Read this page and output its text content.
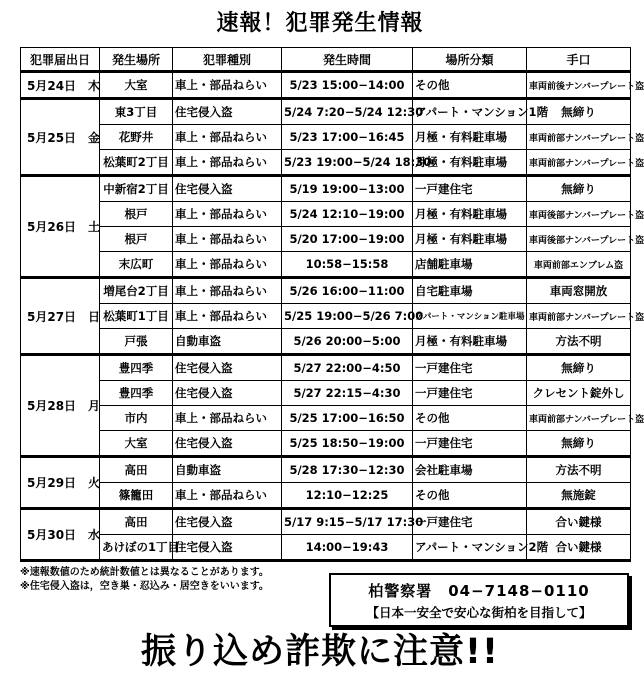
速報！犯罪発生情報
犯罪届出日	発生場所	犯罪種別	発生時間	場所分類	手口
5月24日　木	大室	車上・部品ねらい	5/23 15:00−14:00	その他	車両前後ナンバープレート盗
5月25日　金	東3丁目	住宅侵入盗	5/24 7:20−5/24 12:30	アパート・マンション1階	無締り
	花野井	車上・部品ねらい	5/23 17:00−16:45	月極・有料駐車場	車両前部ナンバープレート盗
	松葉町2丁目	車上・部品ねらい	5/23 19:00−5/24 18:30	月極・有料駐車場	車両前部ナンバープレート盗
5月26日　土	中新宿2丁目	住宅侵入盗	5/19 19:00−13:00	一戸建住宅	無締り
	根戸	車上・部品ねらい	5/24 12:10−19:00	月極・有料駐車場	車両後部ナンバープレート盗
	根戸	車上・部品ねらい	5/20 17:00−19:00	月極・有料駐車場	車両後部ナンバープレート盗
	末広町	車上・部品ねらい	10:58−15:58	店舗駐車場	車両前部エンブレム盗
5月27日　日	増尾台2丁目	車上・部品ねらい	5/26 16:00−11:00	自宅駐車場	車両窓開放
	松葉町1丁目	車上・部品ねらい	5/25 19:00−5/26 7:00	アパート・マンション駐車場	車両前部ナンバープレート盗
	戸張	自動車盗	5/26 20:00−5:00	月極・有料駐車場	方法不明
5月28日　月	豊四季	住宅侵入盗	5/27 22:00−4:50	一戸建住宅	無締り
	豊四季	住宅侵入盗	5/27 22:15−4:30	一戸建住宅	クレセント錠外し
	市内	車上・部品ねらい	5/25 17:00−16:50	その他	車両前部ナンバープレート盗
	大室	住宅侵入盗	5/25 18:50−19:00	一戸建住宅	無締り
5月29日　火	高田	自動車盗	5/28 17:30−12:30	会社駐車場	方法不明
	篠籠田	車上・部品ねらい	12:10−12:25	その他	無施錠
5月30日　水	高田	住宅侵入盗	5/17 9:15−5/17 17:30	一戸建住宅	合い鍵様
	あけぼの1丁目	住宅侵入盗	14:00−19:43	アパート・マンション2階	合い鍵様
※速報数値のため統計数値とは異なることがあります。
※住宅侵入盗は，空き巣・忍込み・居空きをいいます。	柏警察署　04−7148−0110
【日本一安全で安心な街柏を目指して】
振り込め詐欺に注意!!
